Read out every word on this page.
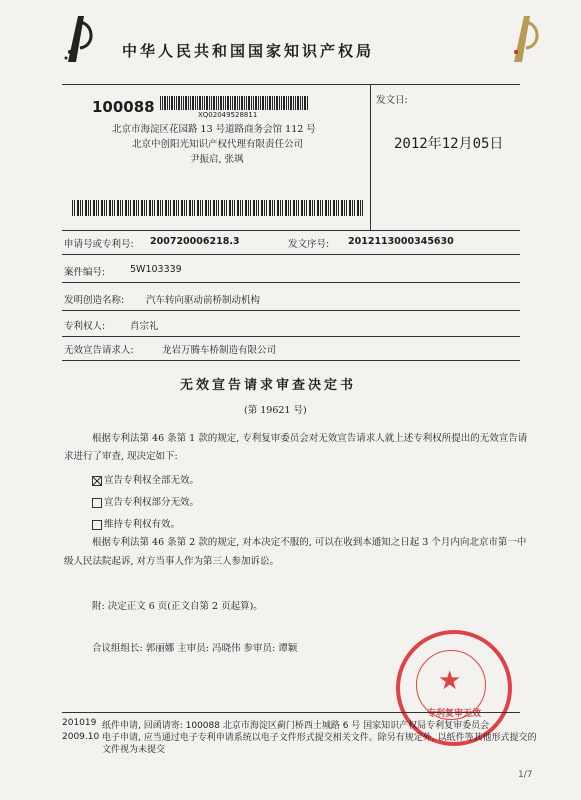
中华人民共和国国家知识产权局
100088	XQ02049528811
北京市海淀区花园路 13 号道路商务会馆 112 号
北京中创阳光知识产权代理有限责任公司
尹振启, 张飒
发文日:
2012年12月05日
申请号或专利号: 200720006218.3	发文序号: 2012113000345630
案件编号:	5W103339
发明创造名称: 汽车转向驱动前桥制动机构
专利权人:	肖宗礼
无效宣告请求人:	龙岩万腾车桥制造有限公司
无效宣告请求审查决定书
(第 19621 号)
根据专利法第 46 条第 1 款的规定, 专利复审委员会对无效宣告请求人就上述专利权所提出的无效宣告请
求进行了审查, 现决定如下:
宣告专利权全部无效。
宣告专利权部分无效。
维持专利权有效。
根据专利法第 46 条第 2 款的规定, 对本决定不服的, 可以在收到本通知之日起 3 个月内向北京市第一中
级人民法院起诉, 对方当事人作为第三人参加诉讼。
附: 决定正文 6 页(正文自第 2 页起算)。
合议组组长: 郭丽娜 主审员: 冯晓伟 参审员: 谭颖
★
专利复审无效
201019
2009.10
纸件申请, 回函请寄: 100088 北京市海淀区蓟门桥西土城路 6 号 国家知识产权局专利复审委员会
电子申请, 应当通过电子专利申请系统以电子文件形式提交相关文件。除另有规定外, 以纸件等其他形式提交的
文件视为未提交
1/7
